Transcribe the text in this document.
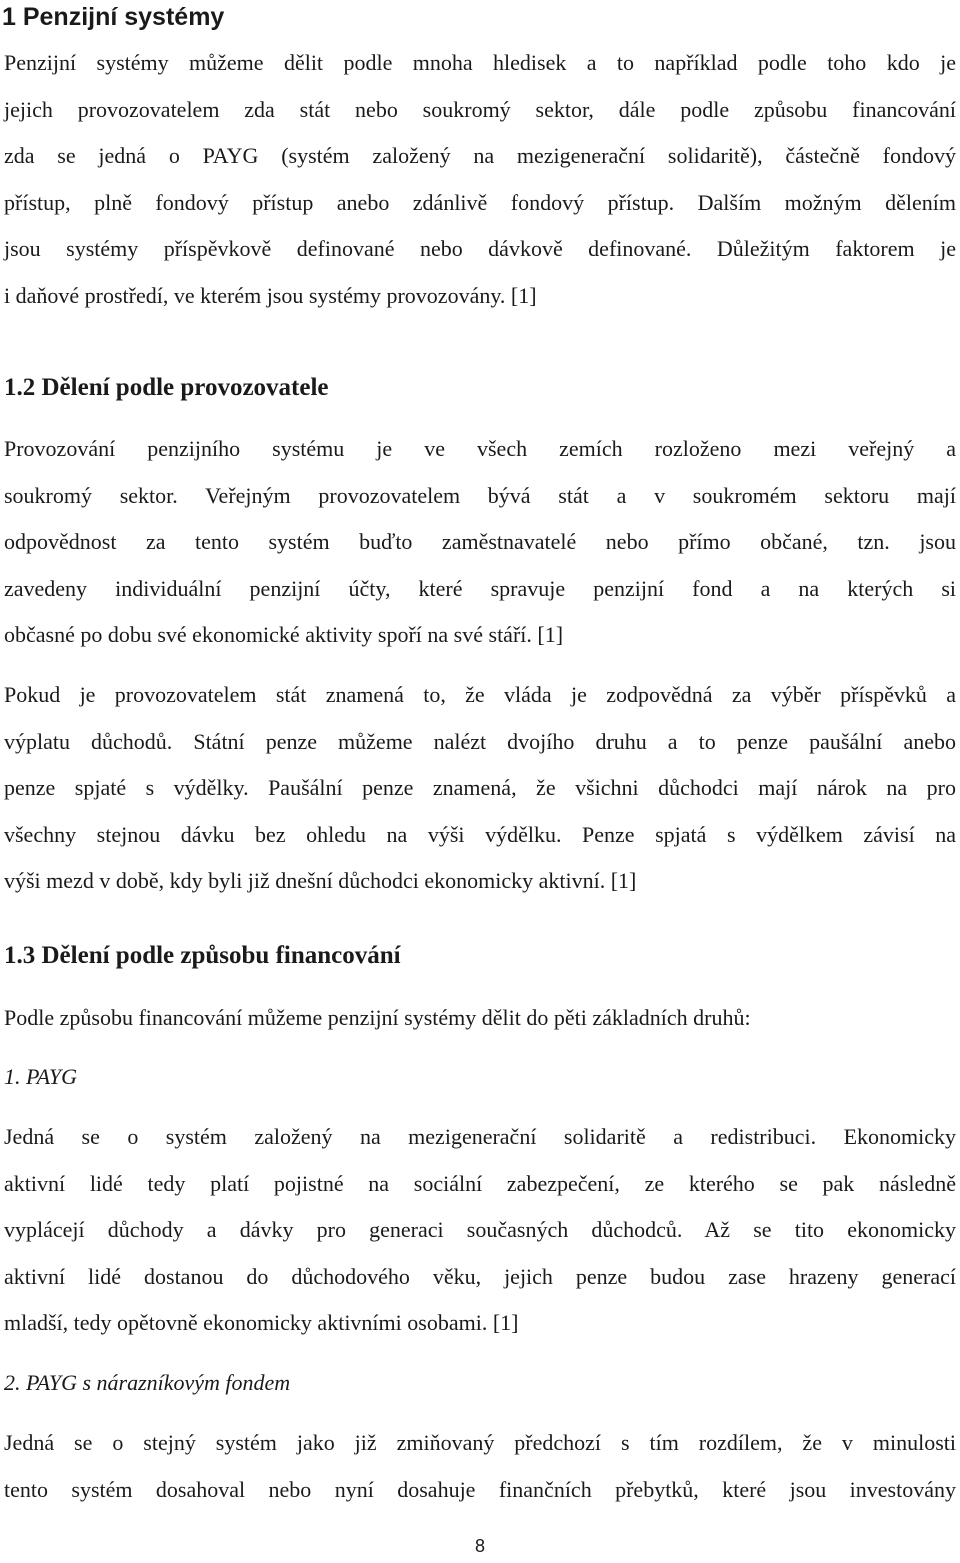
1 Penzijní systémy
Penzijní systémy můžeme dělit podle mnoha hledisek a to například podle toho kdo je
jejich provozovatelem zda stát nebo soukromý sektor, dále podle způsobu financování
zda se jedná o PAYG (systém založený na mezigenerační solidaritě), částečně fondový
přístup, plně fondový přístup anebo zdánlivě fondový přístup. Dalším možným dělením
jsou systémy příspěvkově definované nebo dávkově definované. Důležitým faktorem je
i daňové prostředí, ve kterém jsou systémy provozovány. [1]
1.2 Dělení podle provozovatele
Provozování penzijního systému je ve všech zemích rozloženo mezi veřejný a
soukromý sektor. Veřejným provozovatelem bývá stát a v soukromém sektoru mají
odpovědnost za tento systém buďto zaměstnavatelé nebo přímo občané, tzn. jsou
zavedeny individuální penzijní účty, které spravuje penzijní fond a na kterých si
občasné po dobu své ekonomické aktivity spoří na své stáří. [1]
Pokud je provozovatelem stát znamená to, že vláda je zodpovědná za výběr příspěvků a
výplatu důchodů. Státní penze můžeme nalézt dvojího druhu a to penze paušální anebo
penze spjaté s výdělky. Paušální penze znamená, že všichni důchodci mají nárok na pro
všechny stejnou dávku bez ohledu na výši výdělku. Penze spjatá s výdělkem závisí na
výši mezd v době, kdy byli již dnešní důchodci ekonomicky aktivní. [1]
1.3 Dělení podle způsobu financování
Podle způsobu financování můžeme penzijní systémy dělit do pěti základních druhů:
1. PAYG
Jedná se o systém založený na mezigenerační solidaritě a redistribuci. Ekonomicky
aktivní lidé tedy platí pojistné na sociální zabezpečení, ze kterého se pak následně
vyplácejí důchody a dávky pro generaci současných důchodců. Až se tito ekonomicky
aktivní lidé dostanou do důchodového věku, jejich penze budou zase hrazeny generací
mladší, tedy opětovně ekonomicky aktivními osobami. [1]
2. PAYG s nárazníkovým fondem
Jedná se o stejný systém jako již zmiňovaný předchozí s tím rozdílem, že v minulosti
tento systém dosahoval nebo nyní dosahuje finančních přebytků, které jsou investovány
8
